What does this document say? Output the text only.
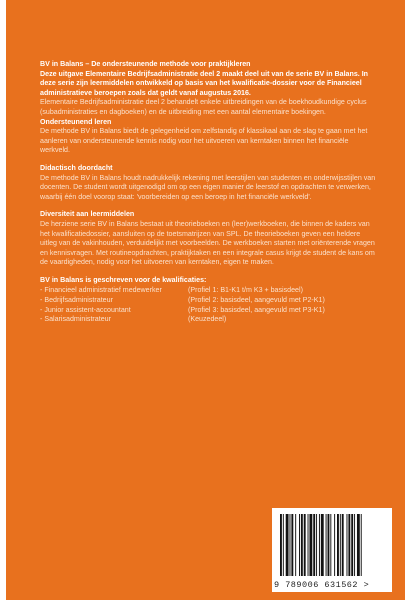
BV in Balans – De ondersteunende methode voor praktijkleren

Deze uitgave Elementaire Bedrijfsadministratie deel 2 maakt deel uit van de serie BV in Balans. In deze serie zijn leermiddelen ontwikkeld op basis van het kwalificatie-dossier voor de Financieel administratieve beroepen zoals dat geldt vanaf augustus 2016.

Elementaire Bedrijfsadministratie deel 2 behandelt enkele uitbreidingen van de boekhoudkundige cyclus (subadministraties en dagboeken) en de uitbreiding met een aantal elementaire boekingen.

Ondersteunend leren

De methode BV in Balans biedt de gelegenheid om zelfstandig of klassikaal aan de slag te gaan met het aanleren van ondersteunende kennis nodig voor het uitvoeren van kerntaken binnen het financiële werkveld.

Didactisch doordacht

De methode BV in Balans houdt nadrukkelijk rekening met leerstijlen van studenten en onderwijsstijlen van docenten. De student wordt uitgenodigd om op een eigen manier de leerstof en opdrachten te verwerken, waarbij één doel voorop staat: 'voorbereiden op een beroep in het financiële werkveld'.

Diversiteit aan leermiddelen

De herziene serie BV in Balans bestaat uit theorieboeken en (leer)werkboeken, die binnen de kaders van het kwalificatiedossier, aansluiten op de toetsmatrijzen van SPL. De theorieboeken geven een heldere uitleg van de vakinhouden, verduidelijkt met voorbeelden. De werkboeken starten met oriënterende vragen en kennisvragen. Met routineopdrachten, praktijktaken en een integrale casus krijgt de student de kans om de vaardigheden, nodig voor het uitvoeren van kerntaken, eigen te maken.

BV in Balans is geschreven voor de kwalificaties:

- Financieel administratief medewerker	(Profiel 1: B1-K1 t/m K3 + basisdeel)
- Bedrijfsadministrateur	(Profiel 2: basisdeel, aangevuld met P2-K1)
- Junior assistent-accountant	(Profiel 3: basisdeel, aangevuld met P3-K1)
- Salarisadministrateur	(Keuzedeel)
9 789006 631562 >
